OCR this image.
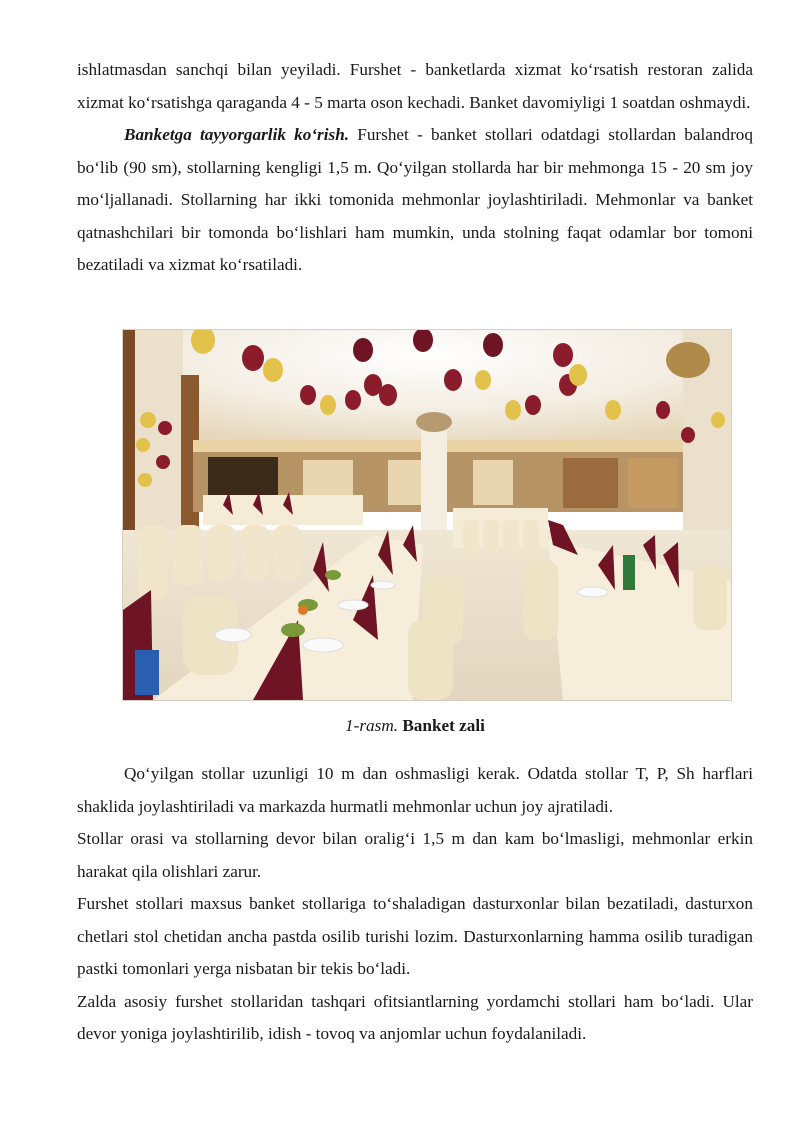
ishlatmasdan sanchqi bilan yeyiladi. Furshet - banketlarda xizmat ko‘rsatish restoran zalida xizmat ko‘rsatishga qaraganda 4 - 5 marta oson kechadi. Banket davomiyligi 1 soatdan oshmaydi.

Banketga tayyorgarlik ko‘rish. Furshet - banket stollari odatdagi stollardan balandroq bo‘lib (90 sm), stollarning kengligi 1,5 m. Qo‘yilgan stollarda har bir mehmonga 15 - 20 sm joy mo‘ljallanadi. Stollarning har ikki tomonida mehmonlar joylashtiriladi. Mehmonlar va banket qatnashchilari bir tomonda bo‘lishlari ham mumkin, unda stolning faqat odamlar bor tomoni bezatiladi va xizmat ko‘rsatiladi.

1-rasm. Banket zali

Qo‘yilgan stollar uzunligi 10 m dan oshmasligi kerak. Odatda stollar T, P, Sh harflari shaklida joylashtiriladi va markazda hurmatli mehmonlar uchun joy ajratiladi.

Stollar orasi va stollarning devor bilan oralig‘i 1,5 m dan kam bo‘lmasligi, mehmonlar erkin harakat qila olishlari zarur.

Furshet stollari maxsus banket stollariga to‘shaladigan dasturxonlar bilan bezatiladi, dasturxon chetlari stol chetidan ancha pastda osilib turishi lozim. Dasturxonlarning hamma osilib turadigan pastki tomonlari yerga nisbatan bir tekis bo‘ladi.

Zalda asosiy furshet stollaridan tashqari ofitsiantlarning yordamchi stollari ham bo‘ladi. Ular devor yoniga joylashtirilib, idish - tovoq va anjomlar uchun foydalaniladi.
